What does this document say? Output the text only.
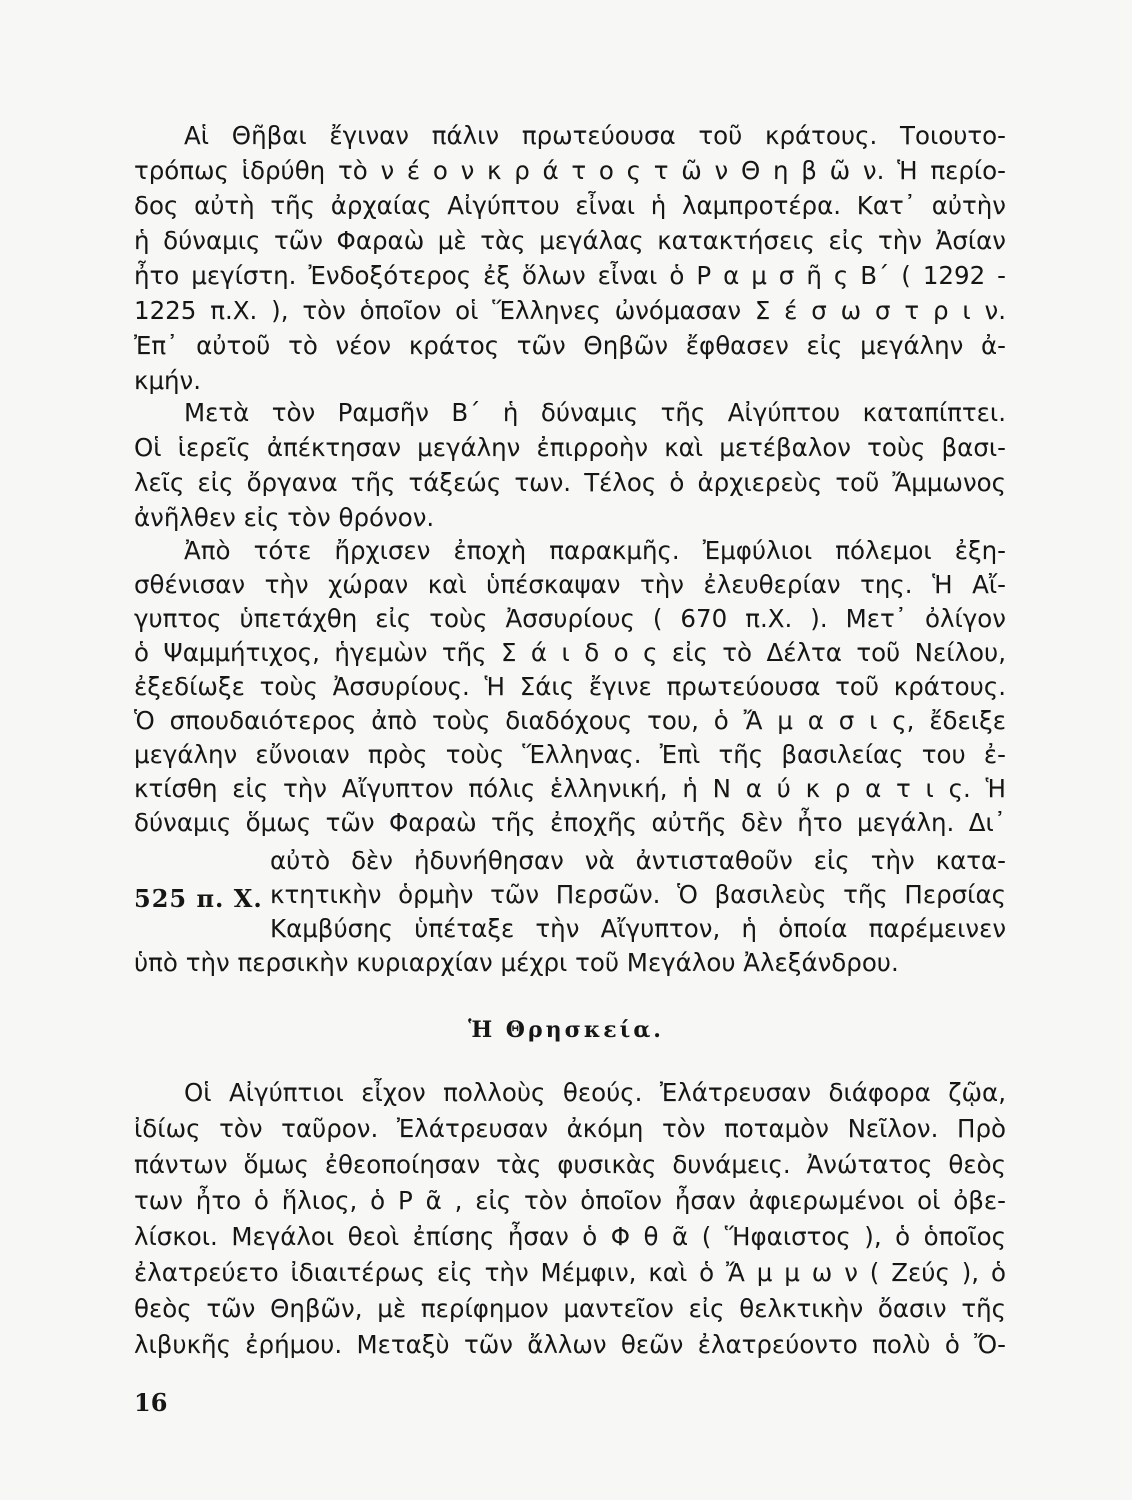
Αἱ Θῆβαι ἔγιναν πάλιν πρωτεύουσα τοῦ κράτους. Τοιουτο-
τρόπως ἱδρύθη τὸ ν έ ο ν κ ρ ά τ ο ς τ ῶ ν Θ η β ῶ ν. Ἡ περίο-
δος αὐτὴ τῆς ἀρχαίας Αἰγύπτου εἶναι ἡ λαμπροτέρα. Κατ᾽ αὐτὴν
ἡ δύναμις τῶν Φαραὼ μὲ τὰς μεγάλας κατακτήσεις εἰς τὴν Ἀσίαν
ἦτο μεγίστη. Ἐνδοξότερος ἐξ ὅλων εἶναι ὁ Ρ α μ σ ῆ ς Β΄ ( 1292 -
1225 π.Χ. ), τὸν ὁποῖον οἱ Ἕλληνες ὠνόμασαν Σ έ σ ω σ τ ρ ι ν.
Ἐπ᾽ αὐτοῦ τὸ νέον κράτος τῶν Θηβῶν ἔφθασεν εἰς μεγάλην ἀ-
κμήν.
Μετὰ τὸν Ραμσῆν Β΄ ἡ δύναμις τῆς Αἰγύπτου καταπίπτει.
Οἱ ἱερεῖς ἀπέκτησαν μεγάλην ἐπιρροὴν καὶ μετέβαλον τοὺς βασι-
λεῖς εἰς ὄργανα τῆς τάξεώς των. Τέλος ὁ ἀρχιερεὺς τοῦ Ἄμμωνος
ἀνῆλθεν εἰς τὸν θρόνον.
Ἀπὸ τότε ἤρχισεν ἐποχὴ παρακμῆς. Ἐμφύλιοι πόλεμοι ἐξη-
σθένισαν τὴν χώραν καὶ ὑπέσκαψαν τὴν ἐλευθερίαν της. Ἡ Αἴ-
γυπτος ὑπετάχθη εἰς τοὺς Ἀσσυρίους ( 670 π.Χ. ). Μετ᾽ ὀλίγον
ὁ Ψαμμήτιχος, ἡγεμὼν τῆς Σ ά ι δ ο ς εἰς τὸ Δέλτα τοῦ Νείλου,
ἐξεδίωξε τοὺς Ἀσσυρίους. Ἡ Σάις ἔγινε πρωτεύουσα τοῦ κράτους.
Ὁ σπουδαιότερος ἀπὸ τοὺς διαδόχους του, ὁ Ἄ μ α σ ι ς, ἔδειξε
μεγάλην εὔνοιαν πρὸς τοὺς Ἕλληνας. Ἐπὶ τῆς βασιλείας του ἐ-
κτίσθη εἰς τὴν Αἴγυπτον πόλις ἑλληνική, ἡ Ν α ύ κ ρ α τ ι ς. Ἡ
δύναμις ὅμως τῶν Φαραὼ τῆς ἐποχῆς αὐτῆς δὲν ἦτο μεγάλη. Δι᾽
αὐτὸ δὲν ἠδυνήθησαν νὰ ἀντισταθοῦν εἰς τὴν κατα-
525 π. Χ. κτητικὴν ὁρμὴν τῶν Περσῶν. Ὁ βασιλεὺς τῆς Περσίας
Καμβύσης ὑπέταξε τὴν Αἴγυπτον, ἡ ὁποία παρέμεινεν
ὑπὸ τὴν περσικὴν κυριαρχίαν μέχρι τοῦ Μεγάλου Ἀλεξάνδρου.
Ἡ Θρησκεία.
Οἱ Αἰγύπτιοι εἶχον πολλοὺς θεούς. Ἐλάτρευσαν διάφορα ζῷα,
ἰδίως τὸν ταῦρον. Ἐλάτρευσαν ἀκόμη τὸν ποταμὸν Νεῖλον. Πρὸ
πάντων ὅμως ἐθεοποίησαν τὰς φυσικὰς δυνάμεις. Ἀνώτατος θεὸς
των ἦτο ὁ ἥλιος, ὁ Ρ ᾶ , εἰς τὸν ὁποῖον ἦσαν ἀφιερωμένοι οἱ ὀβε-
λίσκοι. Μεγάλοι θεοὶ ἐπίσης ἦσαν ὁ Φ θ ᾶ ( Ἥφαιστος ), ὁ ὁποῖος
ἐλατρεύετο ἰδιαιτέρως εἰς τὴν Μέμφιν, καὶ ὁ Ἄ μ μ ω ν ( Ζεύς ), ὁ
θεὸς τῶν Θηβῶν, μὲ περίφημον μαντεῖον εἰς θελκτικὴν ὄασιν τῆς
λιβυκῆς ἐρήμου. Μεταξὺ τῶν ἄλλων θεῶν ἐλατρεύοντο πολὺ ὁ Ὄ-
16
